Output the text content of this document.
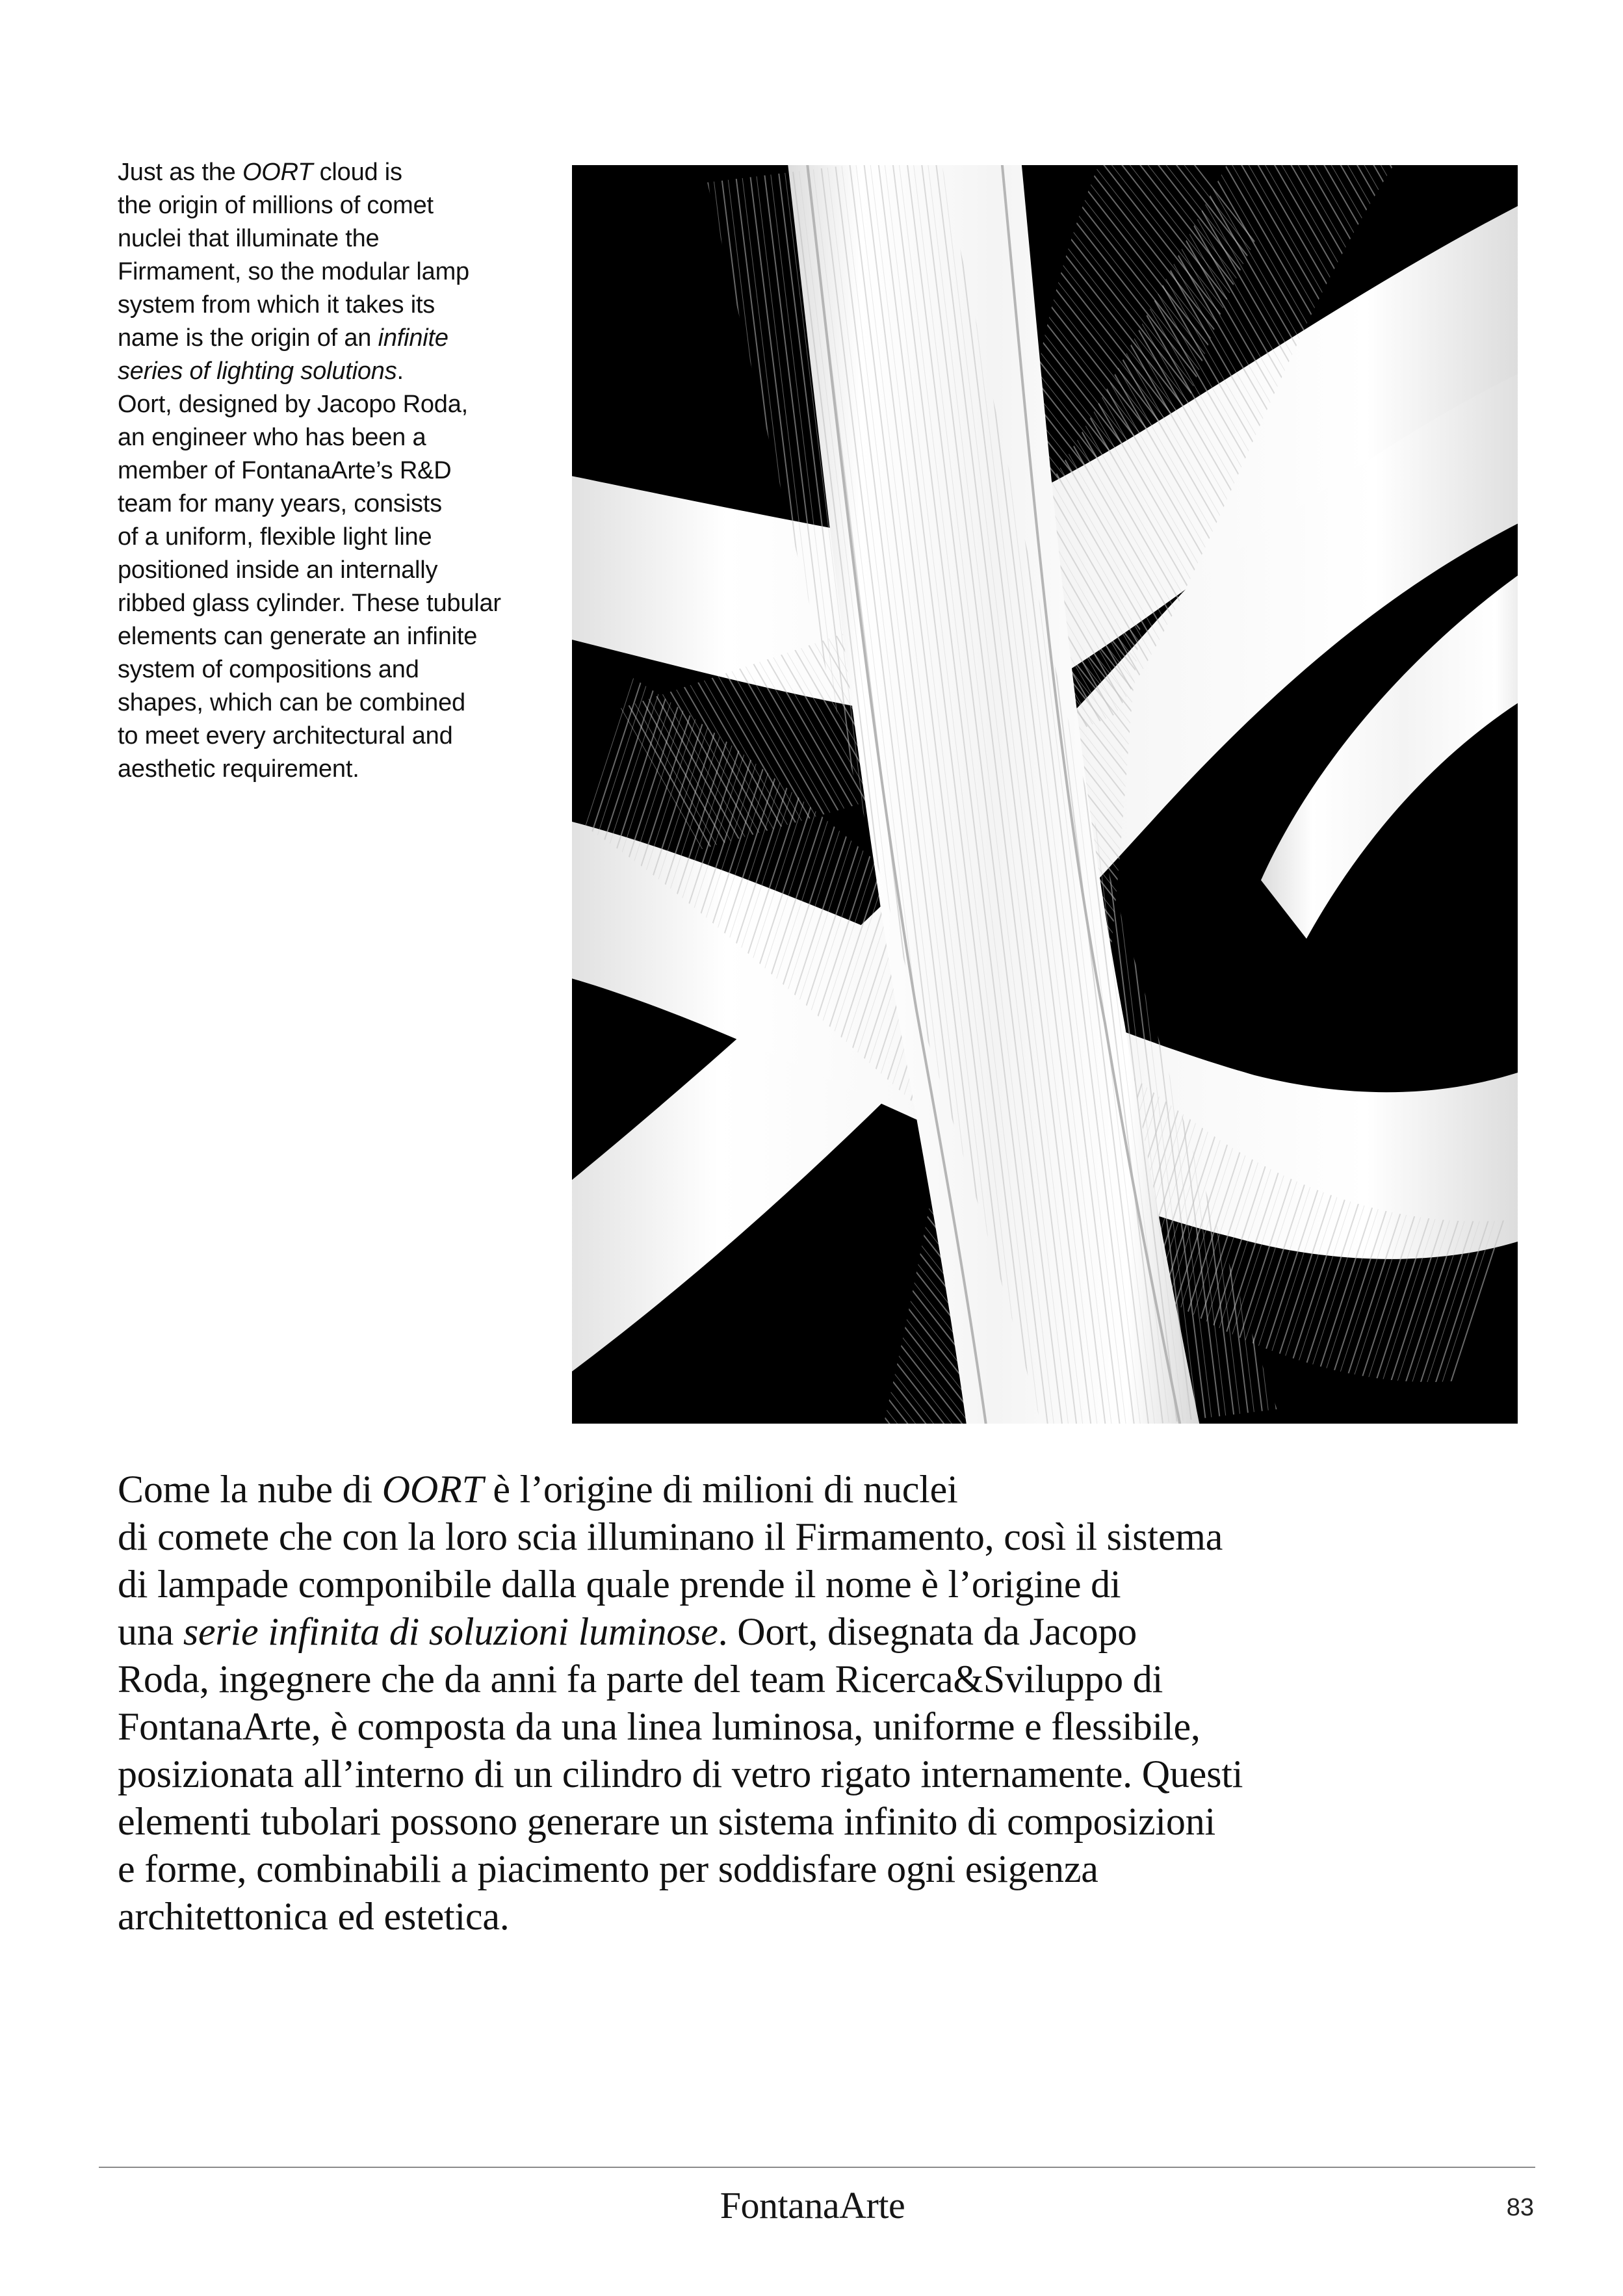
Just as the OORT cloud is

the origin of millions of comet

nuclei that illuminate the

Firmament, so the modular lamp

system from which it takes its

name is the origin of an infinite

series of lighting solutions.

Oort, designed by Jacopo Roda,

an engineer who has been a

member of FontanaArte’s R&D

team for many years, consists

of a uniform, flexible light line

positioned inside an internally

ribbed glass cylinder. These tubular

elements can generate an infinite

system of compositions and

shapes, which can be combined

to meet every architectural and

aesthetic requirement.

Come la nube di OORT è l’origine di milioni di nuclei

di comete che con la loro scia illuminano il Firmamento, così il sistema

di lampade componibile dalla quale prende il nome è l’origine di

una serie infinita di soluzioni luminose. Oort, disegnata da Jacopo

Roda, ingegnere che da anni fa parte del team Ricerca&Sviluppo di

FontanaArte, è composta da una linea luminosa, uniforme e flessibile,

posizionata all’interno di un cilindro di vetro rigato internamente. Questi

elementi tubolari possono generare un sistema infinito di composizioni

e forme, combinabili a piacimento per soddisfare ogni esigenza

architettonica ed estetica.

FontanaArte	83
